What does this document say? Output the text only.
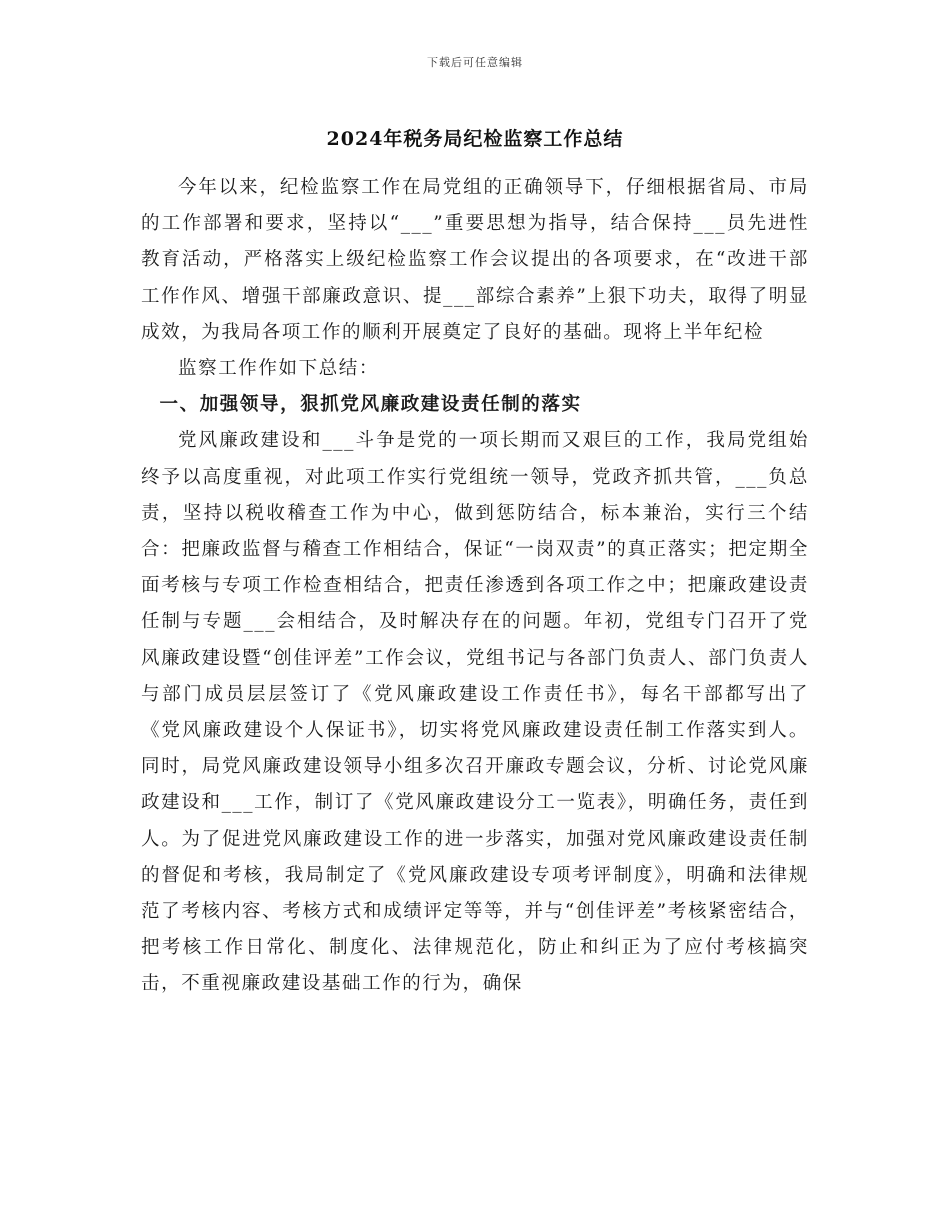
下载后可任意编辑
2024年税务局纪检监察工作总结

今年以来，纪检监察工作在局党组的正确领导下，仔细根据省局、市局的工作部署和要求，坚持以“___”重要思想为指导，结合保持___员先进性教育活动，严格落实上级纪检监察工作会议提出的各项要求，在“改进干部工作作风、增强干部廉政意识、提___部综合素养”上狠下功夫，取得了明显成效，为我局各项工作的顺利开展奠定了良好的基础。现将上半年纪检

监察工作作如下总结：

一、加强领导，狠抓党风廉政建设责任制的落实

党风廉政建设和___斗争是党的一项长期而又艰巨的工作，我局党组始终予以高度重视，对此项工作实行党组统一领导，党政齐抓共管，___负总责，坚持以税收稽查工作为中心，做到惩防结合，标本兼治，实行三个结合：把廉政监督与稽查工作相结合，保证“一岗双责”的真正落实；把定期全面考核与专项工作检查相结合，把责任渗透到各项工作之中；把廉政建设责任制与专题___会相结合，及时解决存在的问题。年初，党组专门召开了党风廉政建设暨“创佳评差”工作会议，党组书记与各部门负责人、部门负责人与部门成员层层签订了《党风廉政建设工作责任书》，每名干部都写出了《党风廉政建设个人保证书》，切实将党风廉政建设责任制工作落实到人。同时，局党风廉政建设领导小组多次召开廉政专题会议，分析、讨论党风廉政建设和___工作，制订了《党风廉政建设分工一览表》，明确任务，责任到人。为了促进党风廉政建设工作的进一步落实，加强对党风廉政建设责任制的督促和考核，我局制定了《党风廉政建设专项考评制度》，明确和法律规范了考核内容、考核方式和成绩评定等等，并与“创佳评差”考核紧密结合，把考核工作日常化、制度化、法律规范化，防止和纠正为了应付考核搞突击，不重视廉政建设基础工作的行为，确保
